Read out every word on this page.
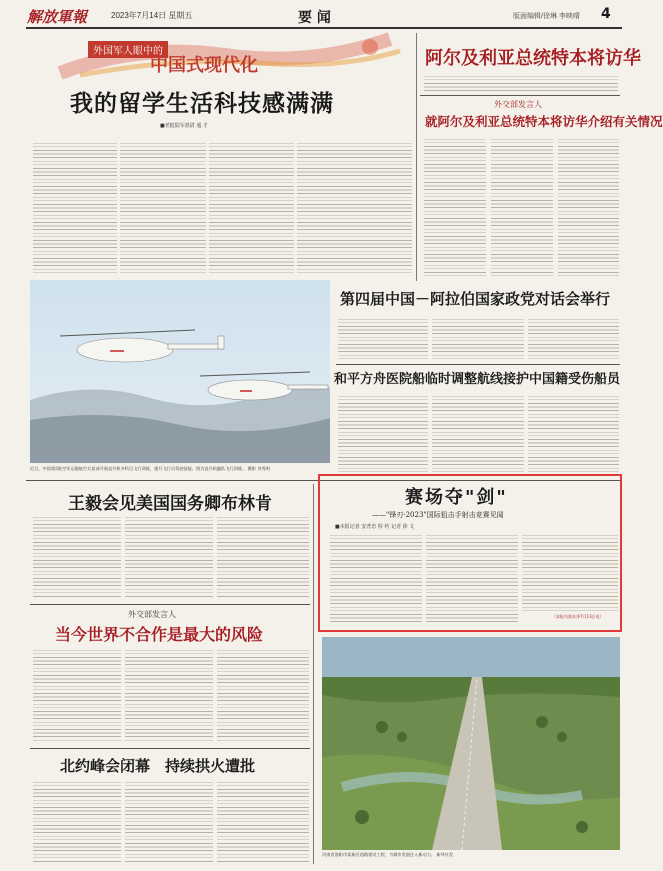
解放軍報	2023年7月14日 星期五	要 闻	版面编辑/徐琳 李映晴 4
外国军人眼中的
中国式现代化
我的留学生活科技感满满
■老挝陆军准尉 通 才
阿尔及利亚总统特本将访华
外交部发言人
就阿尔及利亚总统特本将访华介绍有关情况
近日，中国第2批空军运输航空兵某部开展直升机多科目飞行训练，提升飞行员驾驶技能。图为直升机编队飞行训练。 摄影 刘秀明
第四届中国－阿拉伯国家政党对话会举行
和平方舟医院船临时调整航线接护中国籍受伤船员
王毅会见美国国务卿布林肯
外交部发言人
当今世界不合作是最大的风险
北约峰会闭幕　持续拱火遭批
赛场夺"剑"
——"锋刃-2023"国际狙击手射击竞赛见闻
■本报记者 安普忠 特 约 记者 徐 文
（本报乌鲁木齐7月13日电）
河南省洛阳市某新区道路建设工程，为城市发展注入新动力。 新华社发
